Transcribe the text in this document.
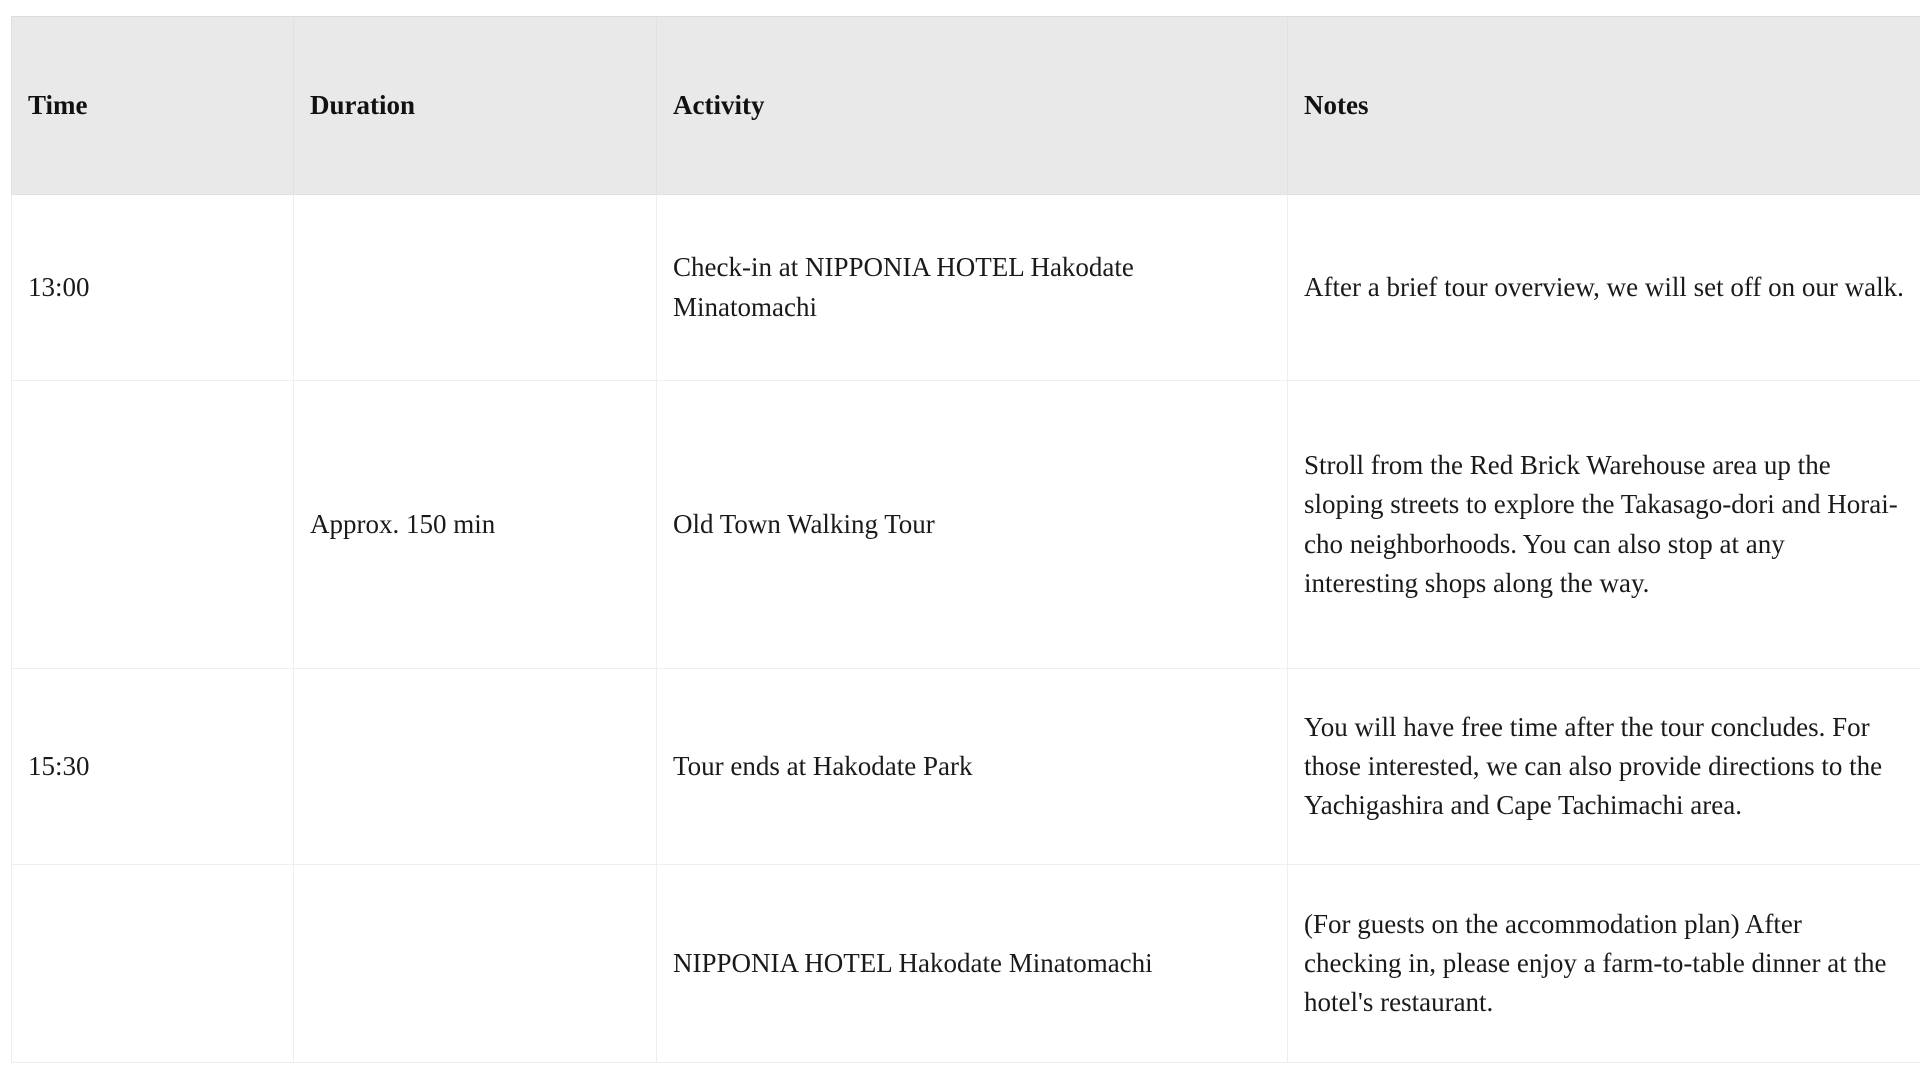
Time	Duration	Activity	Notes
13:00		Check-in at NIPPONIA HOTEL Hakodate Minatomachi	After a brief tour overview, we will set off on our walk.
	Approx. 150 min	Old Town Walking Tour	Stroll from the Red Brick Warehouse area up the sloping streets to explore the Takasago-dori and Horai-cho neighborhoods. You can also stop at any interesting shops along the way.
15:30		Tour ends at Hakodate Park	You will have free time after the tour concludes. For those interested, we can also provide directions to the Yachigashira and Cape Tachimachi area.
		NIPPONIA HOTEL Hakodate Minatomachi	(For guests on the accommodation plan) After checking in, please enjoy a farm-to-table dinner at the hotel's restaurant.
